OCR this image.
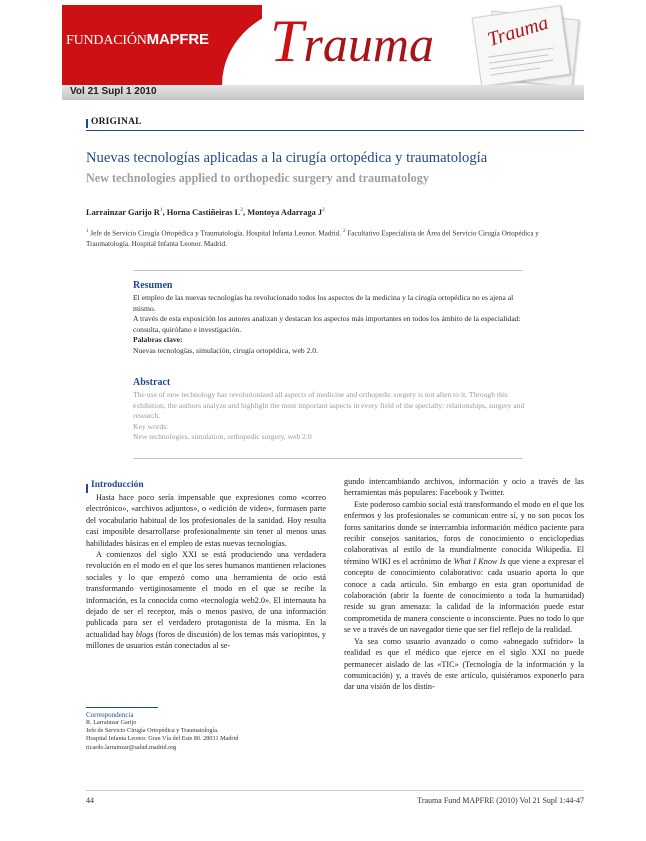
FUNDACIÓNMAPFRE Trauma	Trauma
Vol 21 Supl 1 2010
ORIGINAL
Nuevas tecnologías aplicadas a la cirugía ortopédica y traumatología
New technologies applied to orthopedic surgery and traumatology
Larrainzar Garijo $R^1$, Horna Castiñeiras $L^2$, Montoya Adarraga $J^2$
$^1$ Jefe de Servicio Cirugía Ortopédica y Traumatología. Hospital Infanta Leonor. Madrid. $^2$ Facultativo Especialista de Área del Servicio Cirugía Ortopédica y Traumatología. Hospital Infanta Leonor. Madrid.
Resumen

El empleo de las nuevas tecnologías ha revolucionado todos los aspectos de la medicina y la cirugía ortopédica no es ajena al mismo.

A través de esta exposición los autores analizan y destacan los aspectos más importantes en todos los ámbito de la especialidad: consulta, quirófano e investigación.

Palabras clave:

Nuevas tecnologías, simulación, cirugía ortopédica, web 2.0.

Abstract

The use of new technology has revolutionized all aspects of medicine and orthopedic surgery is not alien to it. Through this exhibition, the authors analyze and highlight the most important aspects in every field of the specialty: relationships, surgery and research.

Key words:

New technologies, simulation, orthopedic surgery, web 2.0

Introducción

Hasta hace poco sería impensable que expresiones como «correo electrónico», «archivos adjuntos», o «edición de video», formasen parte del vocabulario habitual de los profesionales de la sanidad. Hoy resulta casi imposible desarrollarse profesionalmente sin tener al menos unas habilidades básicas en el empleo de estas nuevas tecnologías.

A comienzos del siglo XXI se está produciendo una verdadera revolución en el modo en el que los seres humanos mantienen relaciones sociales y lo que empezó como una herramienta de ocio está transformando vertiginosamente el modo en el que se recibe la información, es la conocida como «tecnología web2.0». El internauta ha dejado de ser el receptor, más o menos pasivo, de una información publicada para ser el verdadero protagonista de la misma. En la actualidad hay blogs (foros de discusión) de los temas más variopintos, y millones de usuarios están conectados al se-

gundo intercambiando archivos, información y ocio a través de las herramientas más populares: Facebook y Twitter.

Este poderoso cambio social está transformando el modo en el que los enfermos y los profesionales se comunican entre sí, y no son pocos los foros sanitarios donde se intercambia información médico paciente para recibir consejos sanitarios, foros de conocimiento o enciclopedias colaborativas al estilo de la mundialmente conocida Wikipedia. El término WIKI es el acrónimo de What I Know Is que viene a expresar el concepto de conocimiento colaborativo: cada usuario aporta lo que conoce a cada artículo. Sin embargo en esta gran oportunidad de colaboración (abrir la fuente de conocimiento a toda la humanidad) reside su gran amenaza: la calidad de la información puede estar comprometida de manera consciente o inconsciente. Pues no todo lo que se ve a través de un navegador tiene que ser fiel reflejo de la realidad.

Ya sea como usuario avanzado o como «abnegado sufridor» la realidad es que el médico que ejerce en el siglo XXI no puede permanecer aislado de las «TIC» (Tecnología de la información y la comunicación) y, a través de este artículo, quisiéramos exponerlo para dar una visión de los distin-

Correspondencia
R. Larrainzar Garijo
Jefe de Servicio Cirugía Ortopédica y Traumatología.
Hospital Infanta Leonor. Gran Vía del Este 80. 28031 Madrid
ricardo.larrainzar@salud.madrid.org
44	Trauma Fund MAPFRE (2010) Vol 21 Supl 1:44-47
